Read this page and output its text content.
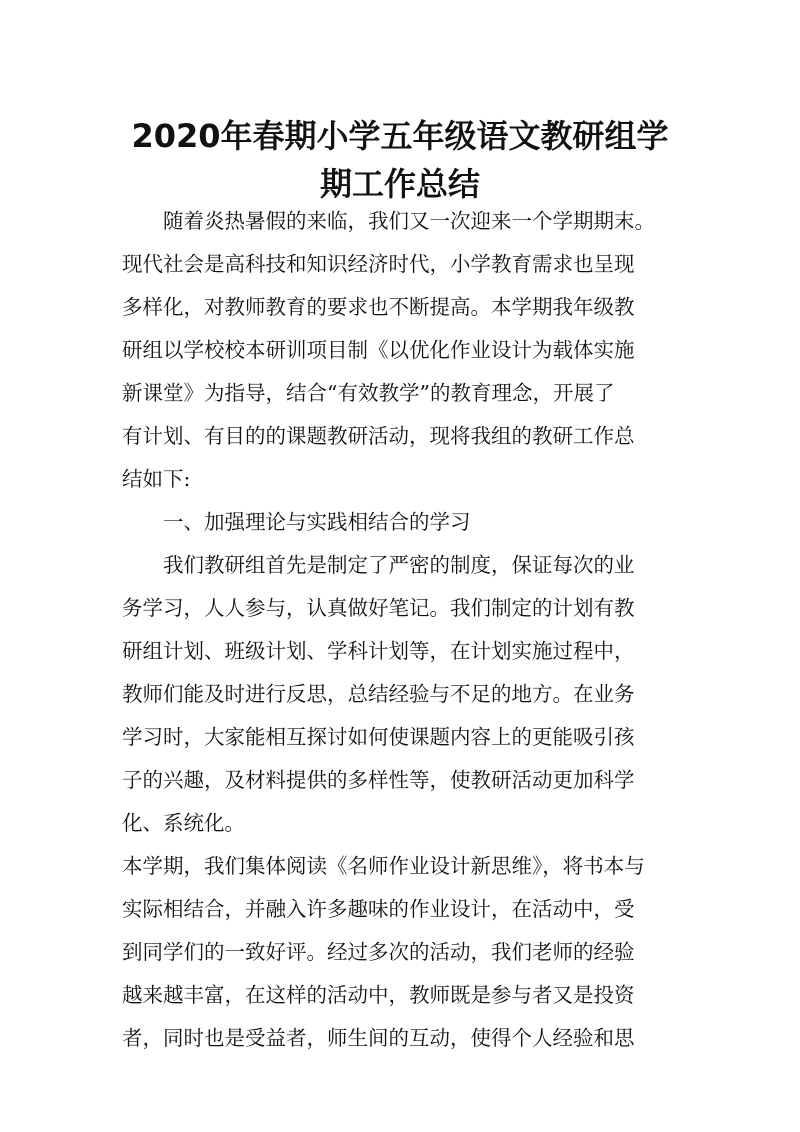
2020年春期小学五年级语文教研组学
期工作总结
随着炎热暑假的来临，我们又一次迎来一个学期期末。
现代社会是高科技和知识经济时代，小学教育需求也呈现
多样化，对教师教育的要求也不断提高。本学期我年级教
研组以学校校本研训项目制《以优化作业设计为载体实施
新课堂》为指导，结合“有效教学”的教育理念，开展了
有计划、有目的的课题教研活动，现将我组的教研工作总
结如下:
一、加强理论与实践相结合的学习
我们教研组首先是制定了严密的制度，保证每次的业
务学习，人人参与，认真做好笔记。我们制定的计划有教
研组计划、班级计划、学科计划等，在计划实施过程中，
教师们能及时进行反思，总结经验与不足的地方。在业务
学习时，大家能相互探讨如何使课题内容上的更能吸引孩
子的兴趣，及材料提供的多样性等，使教研活动更加科学
化、系统化。
本学期，我们集体阅读《名师作业设计新思维》，将书本与
实际相结合，并融入许多趣味的作业设计，在活动中，受
到同学们的一致好评。经过多次的活动，我们老师的经验
越来越丰富，在这样的活动中，教师既是参与者又是投资
者，同时也是受益者，师生间的互动，使得个人经验和思
